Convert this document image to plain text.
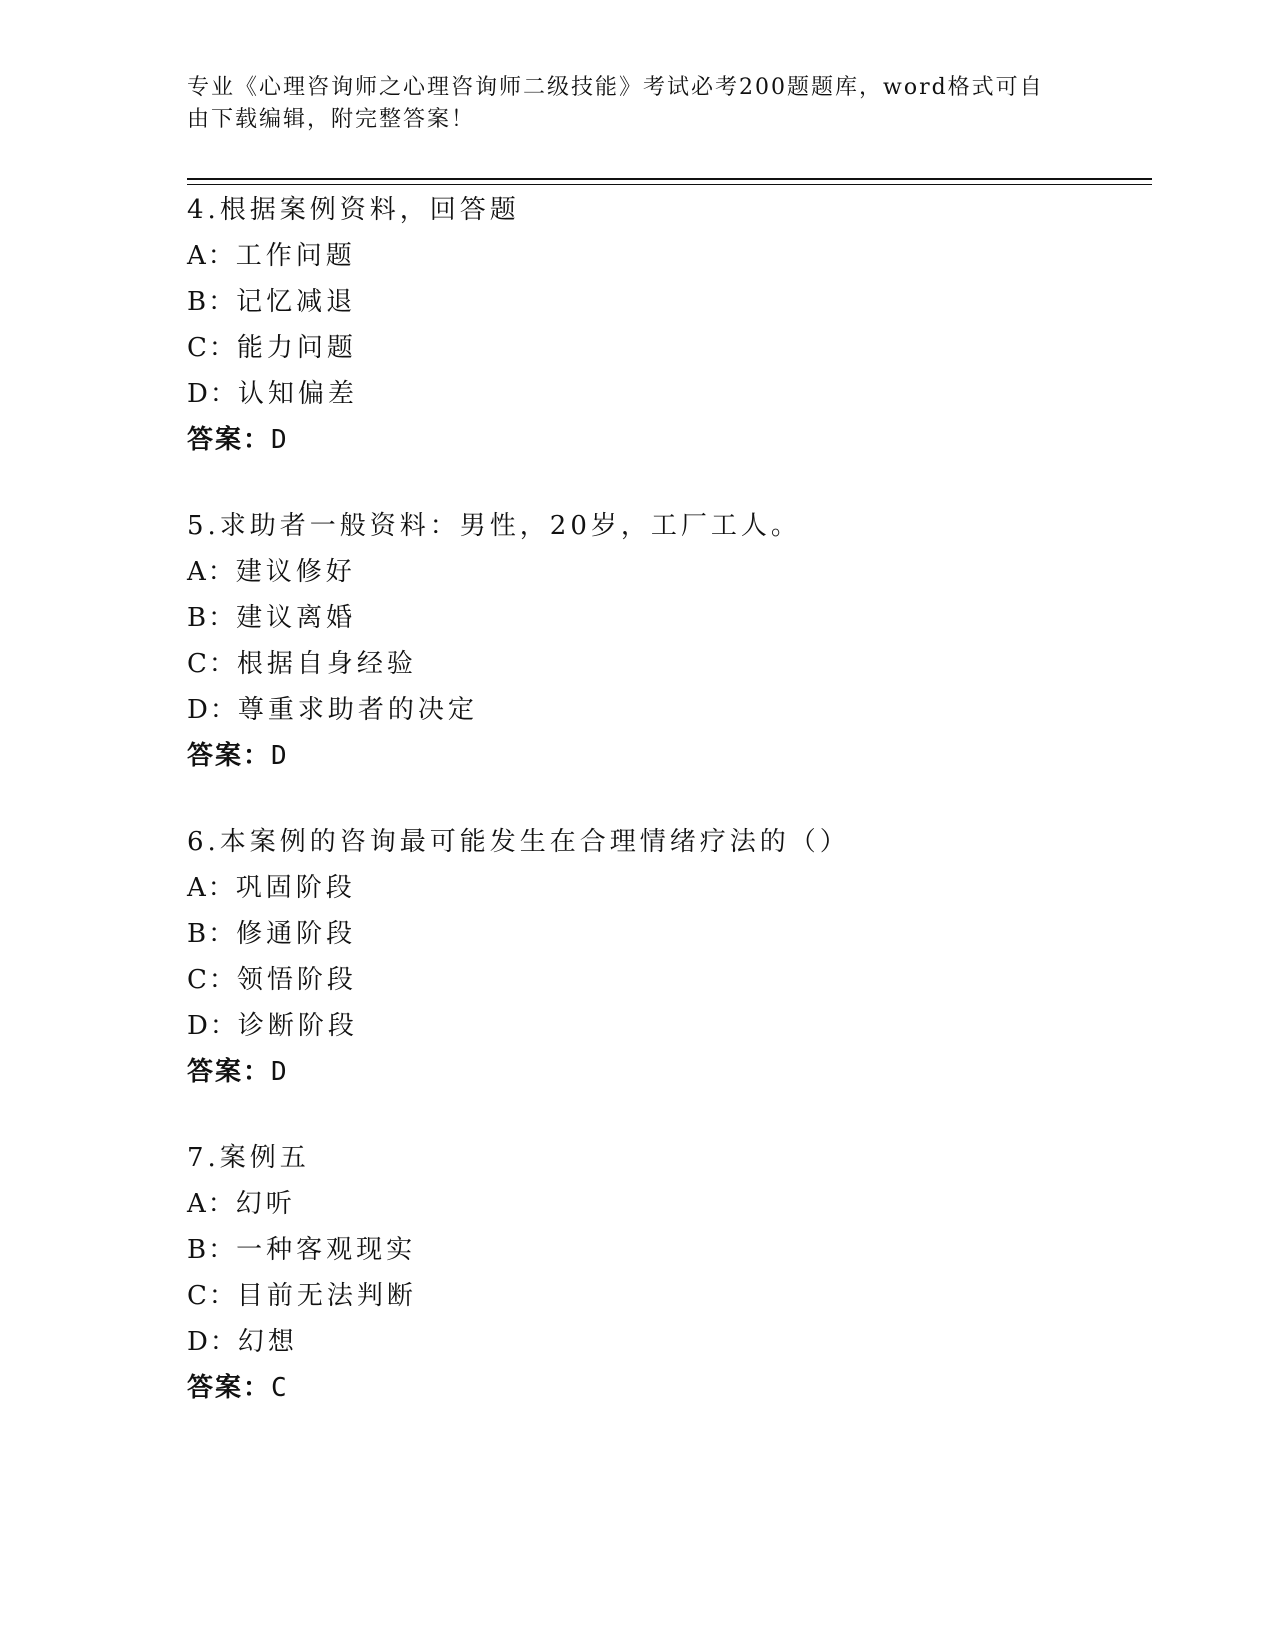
专业《心理咨询师之心理咨询师二级技能》考试必考200题题库，word格式可自
由下载编辑，附完整答案！
4.根据案例资料，回答题
A：工作问题
B：记忆减退
C：能力问题
D：认知偏差
答案：D
5.求助者一般资料：男性，20岁，工厂工人。
A：建议修好
B：建议离婚
C：根据自身经验
D：尊重求助者的决定
答案：D
6.本案例的咨询最可能发生在合理情绪疗法的（）
A：巩固阶段
B：修通阶段
C：领悟阶段
D：诊断阶段
答案：D
7.案例五
A：幻听
B：一种客观现实
C：目前无法判断
D：幻想
答案：C
